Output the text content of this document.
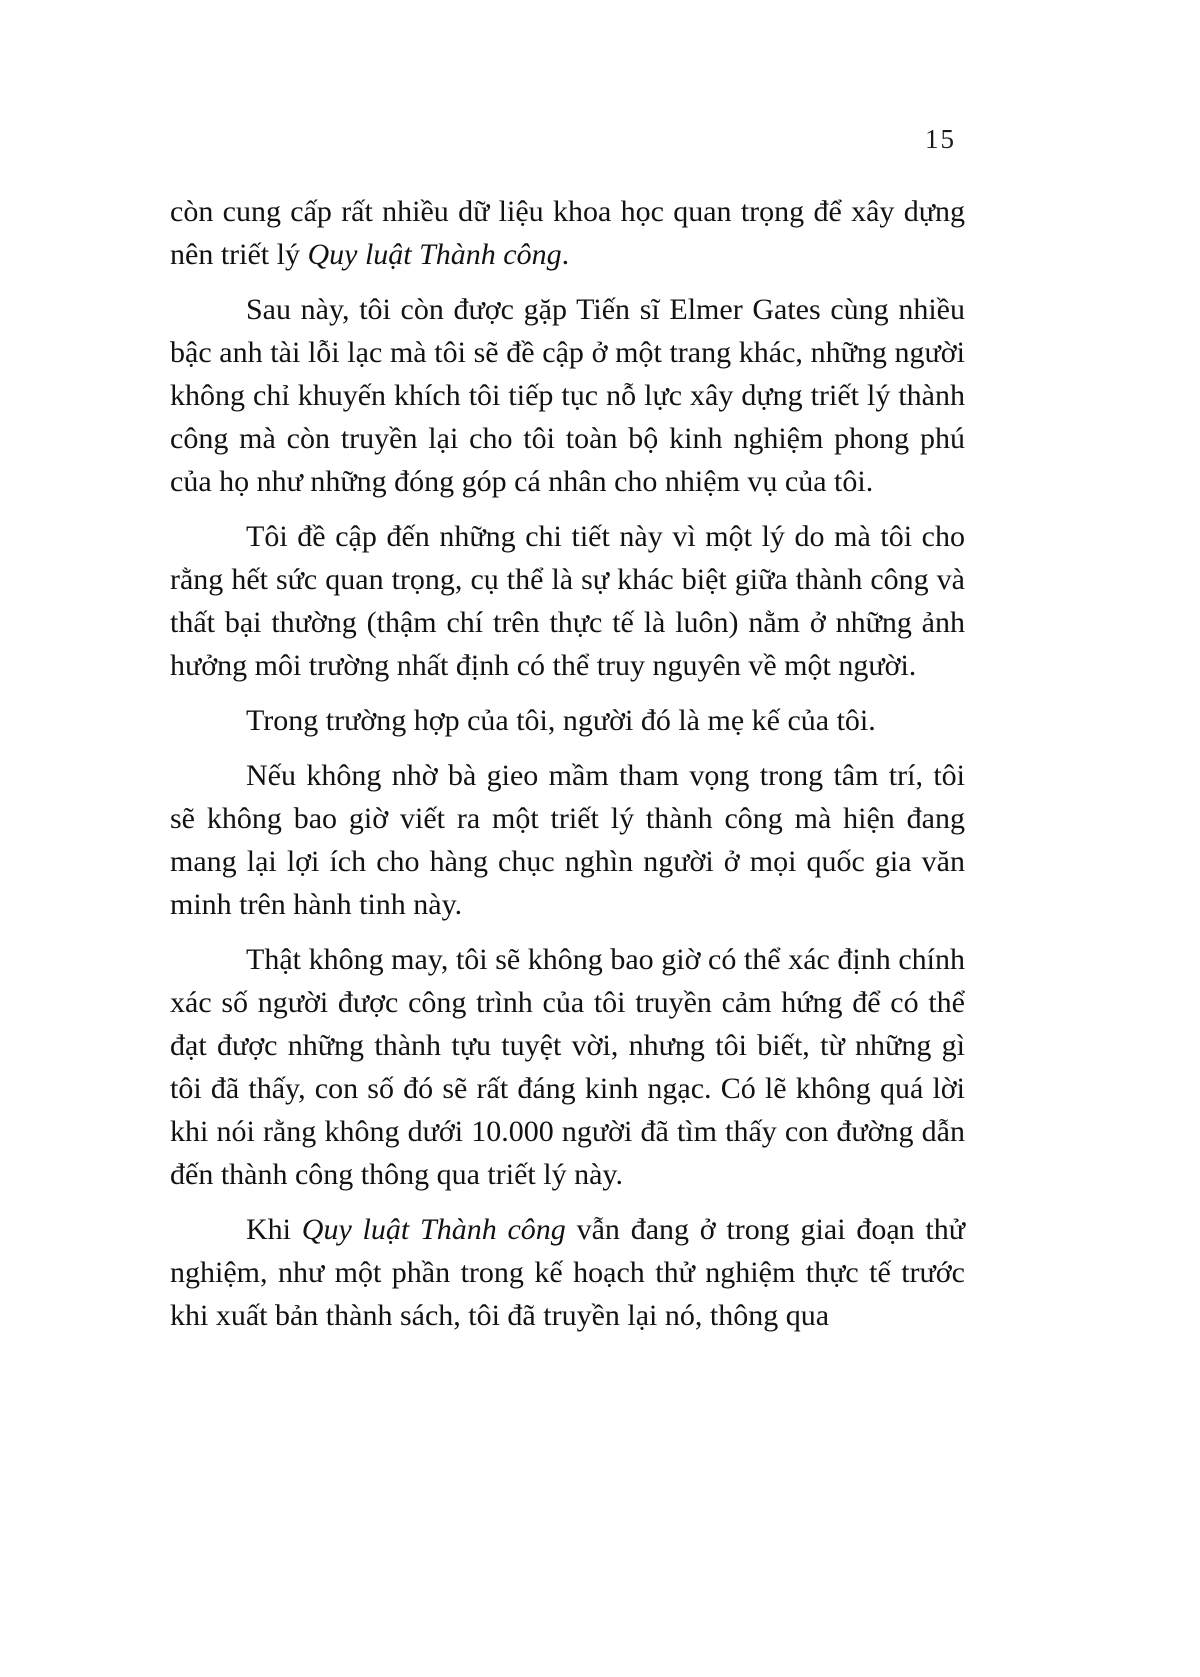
15

còn cung cấp rất nhiều dữ liệu khoa học quan trọng để xây dựng nên triết lý Quy luật Thành công.

Sau này, tôi còn được gặp Tiến sĩ Elmer Gates cùng nhiều bậc anh tài lỗi lạc mà tôi sẽ đề cập ở một trang khác, những người không chỉ khuyến khích tôi tiếp tục nỗ lực xây dựng triết lý thành công mà còn truyền lại cho tôi toàn bộ kinh nghiệm phong phú của họ như những đóng góp cá nhân cho nhiệm vụ của tôi.

Tôi đề cập đến những chi tiết này vì một lý do mà tôi cho rằng hết sức quan trọng, cụ thể là sự khác biệt giữa thành công và thất bại thường (thậm chí trên thực tế là luôn) nằm ở những ảnh hưởng môi trường nhất định có thể truy nguyên về một người.

Trong trường hợp của tôi, người đó là mẹ kế của tôi.

Nếu không nhờ bà gieo mầm tham vọng trong tâm trí, tôi sẽ không bao giờ viết ra một triết lý thành công mà hiện đang mang lại lợi ích cho hàng chục nghìn người ở mọi quốc gia văn minh trên hành tinh này.

Thật không may, tôi sẽ không bao giờ có thể xác định chính xác số người được công trình của tôi truyền cảm hứng để có thể đạt được những thành tựu tuyệt vời, nhưng tôi biết, từ những gì tôi đã thấy, con số đó sẽ rất đáng kinh ngạc. Có lẽ không quá lời khi nói rằng không dưới 10.000 người đã tìm thấy con đường dẫn đến thành công thông qua triết lý này.

Khi Quy luật Thành công vẫn đang ở trong giai đoạn thử nghiệm, như một phần trong kế hoạch thử nghiệm thực tế trước khi xuất bản thành sách, tôi đã truyền lại nó, thông qua
